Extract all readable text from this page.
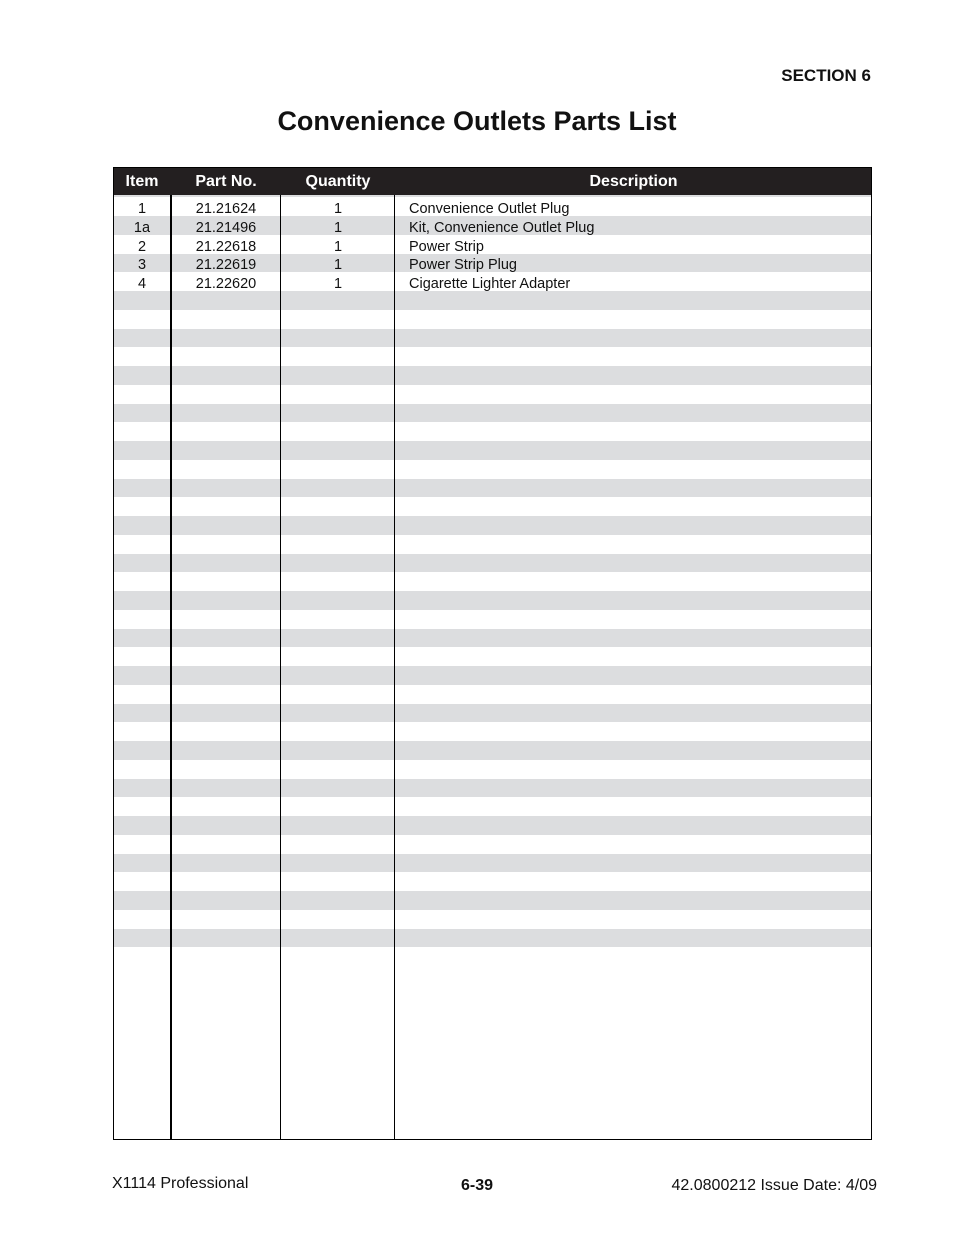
SECTION 6
Convenience Outlets Parts List
Item	Part No.	Quantity	Description
1	21.21624	1	Convenience Outlet Plug
1a	21.21496	1	Kit, Convenience Outlet Plug
2	21.22618	1	Power Strip
3	21.22619	1	Power Strip Plug
4	21.22620	1	Cigarette Lighter Adapter
X1114 Professional	6-39	42.0800212 Issue Date: 4/09
